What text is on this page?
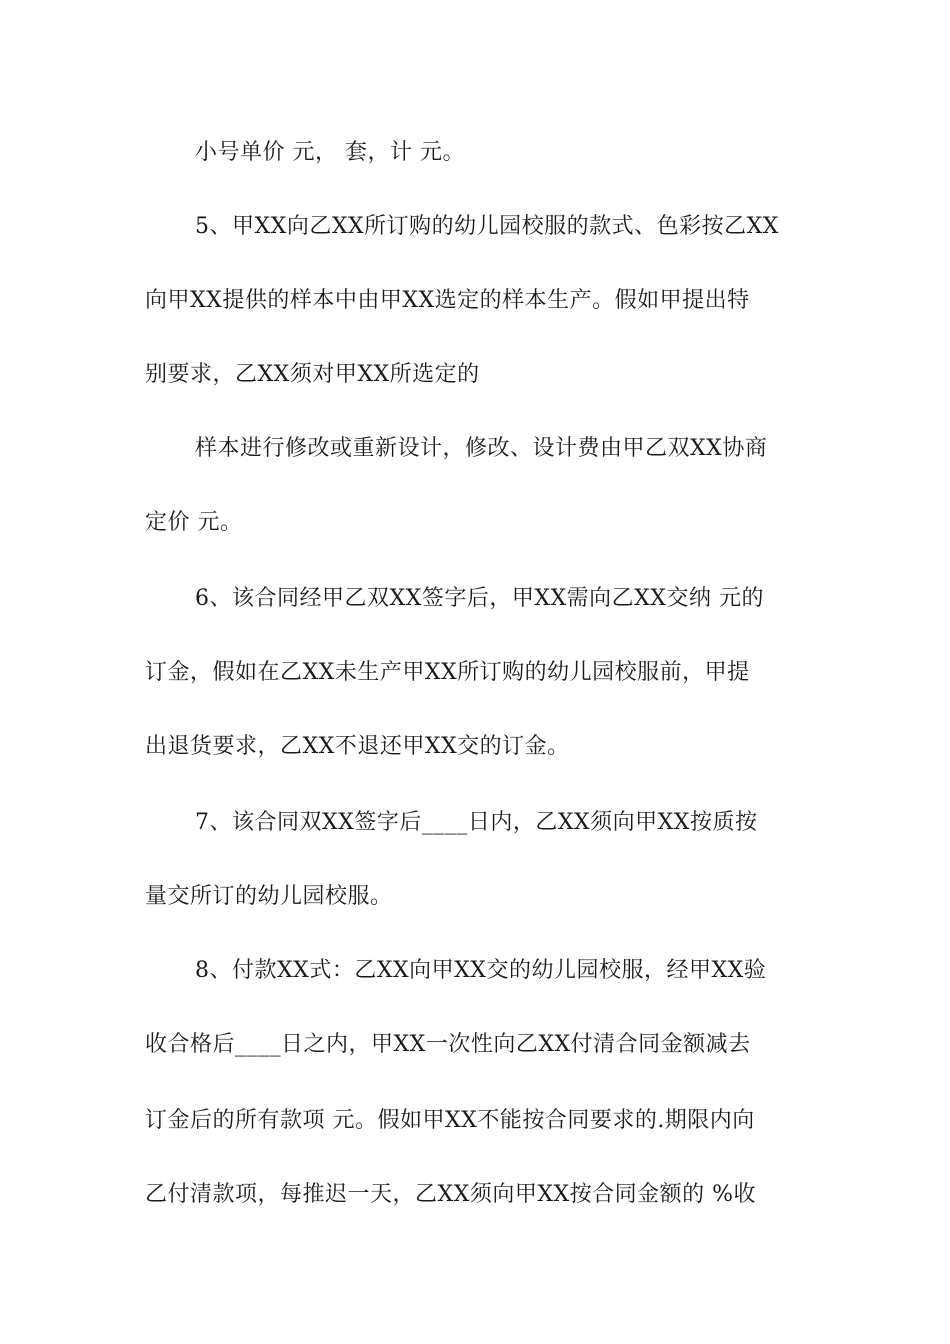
小号单价 元， 套，计 元。
5、甲XX向乙XX所订购的幼儿园校服的款式、色彩按乙XX
向甲XX提供的样本中由甲XX选定的样本生产。假如甲提出特
别要求，乙XX须对甲XX所选定的
样本进行修改或重新设计，修改、设计费由甲乙双XX协商
定价 元。
6、该合同经甲乙双XX签字后，甲XX需向乙XX交纳 元的
订金，假如在乙XX未生产甲XX所订购的幼儿园校服前，甲提
出退货要求，乙XX不退还甲XX交的订金。
7、该合同双XX签字后____日内，乙XX须向甲XX按质按
量交所订的幼儿园校服。
8、付款XX式：乙XX向甲XX交的幼儿园校服，经甲XX验
收合格后____日之内，甲XX一次性向乙XX付清合同金额减去
订金后的所有款项 元。假如甲XX不能按合同要求的.期限内向
乙付清款项，每推迟一天，乙XX须向甲XX按合同金额的 %收
